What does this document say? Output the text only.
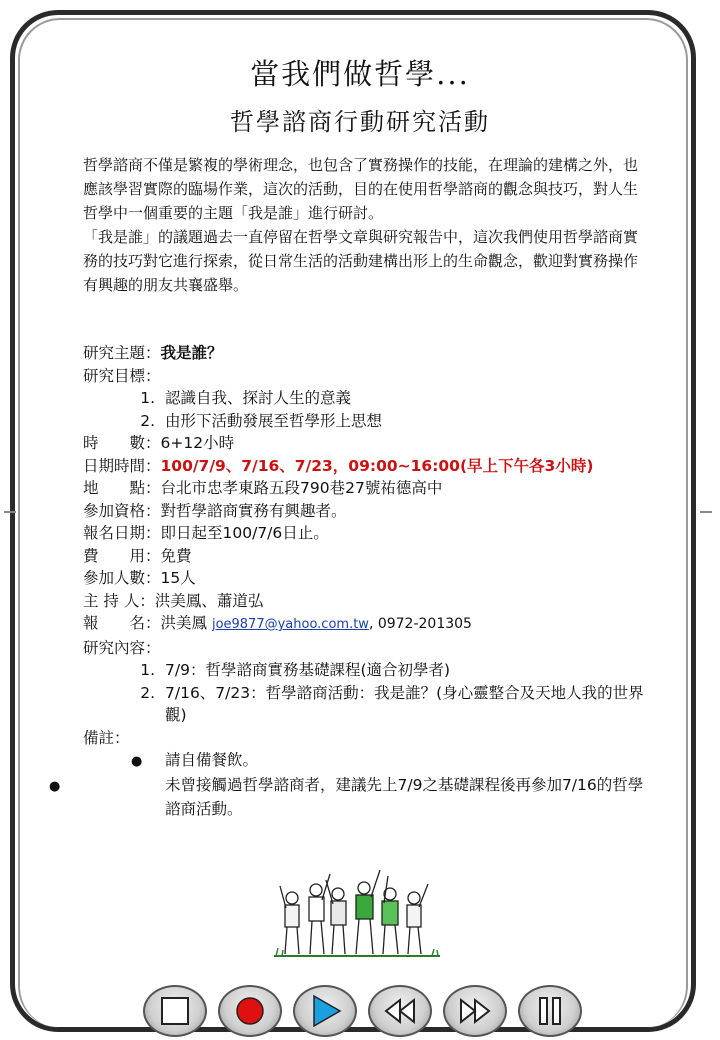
當我們做哲學...
哲學諮商行動研究活動

哲學諮商不僅是繁複的學術理念，也包含了實務操作的技能，在理論的建構之外，也應該學習實際的臨場作業，這次的活動，目的在使用哲學諮商的觀念與技巧，對人生哲學中一個重要的主題「我是誰」進行研討。

「我是誰」的議題過去一直停留在哲學文章與研究報告中，這次我們使用哲學諮商實務的技巧對它進行探索，從日常生活的活動建構出形上的生命觀念，歡迎對實務操作有興趣的朋友共襄盛舉。

研究主題：我是誰？
研究目標：
1. 認識自我、探討人生的意義
2. 由形下活動發展至哲學形上思想
時　　數：6+12小時
日期時間：100/7/9、7/16、7/23，09:00~16:00(早上下午各3小時)
地　　點：台北市忠孝東路五段790巷27號祐德高中
參加資格：對哲學諮商實務有興趣者。
報名日期：即日起至100/7/6日止。
費　　用：免費
參加人數：15人
主 持 人：洪美鳳、蕭道弘
報　　名：洪美鳳 joe9877@yahoo.com.tw, 0972-201305
研究內容：
1. 7/9：哲學諮商實務基礎課程(適合初學者)
2. 7/16、7/23：哲學諮商活動：我是誰？(身心靈整合及天地人我的世界觀)
備註：
● 請自備餐飲。
●	未曾接觸過哲學諮商者，建議先上7/9之基礎課程後再參加7/16的哲學諮商活動。
